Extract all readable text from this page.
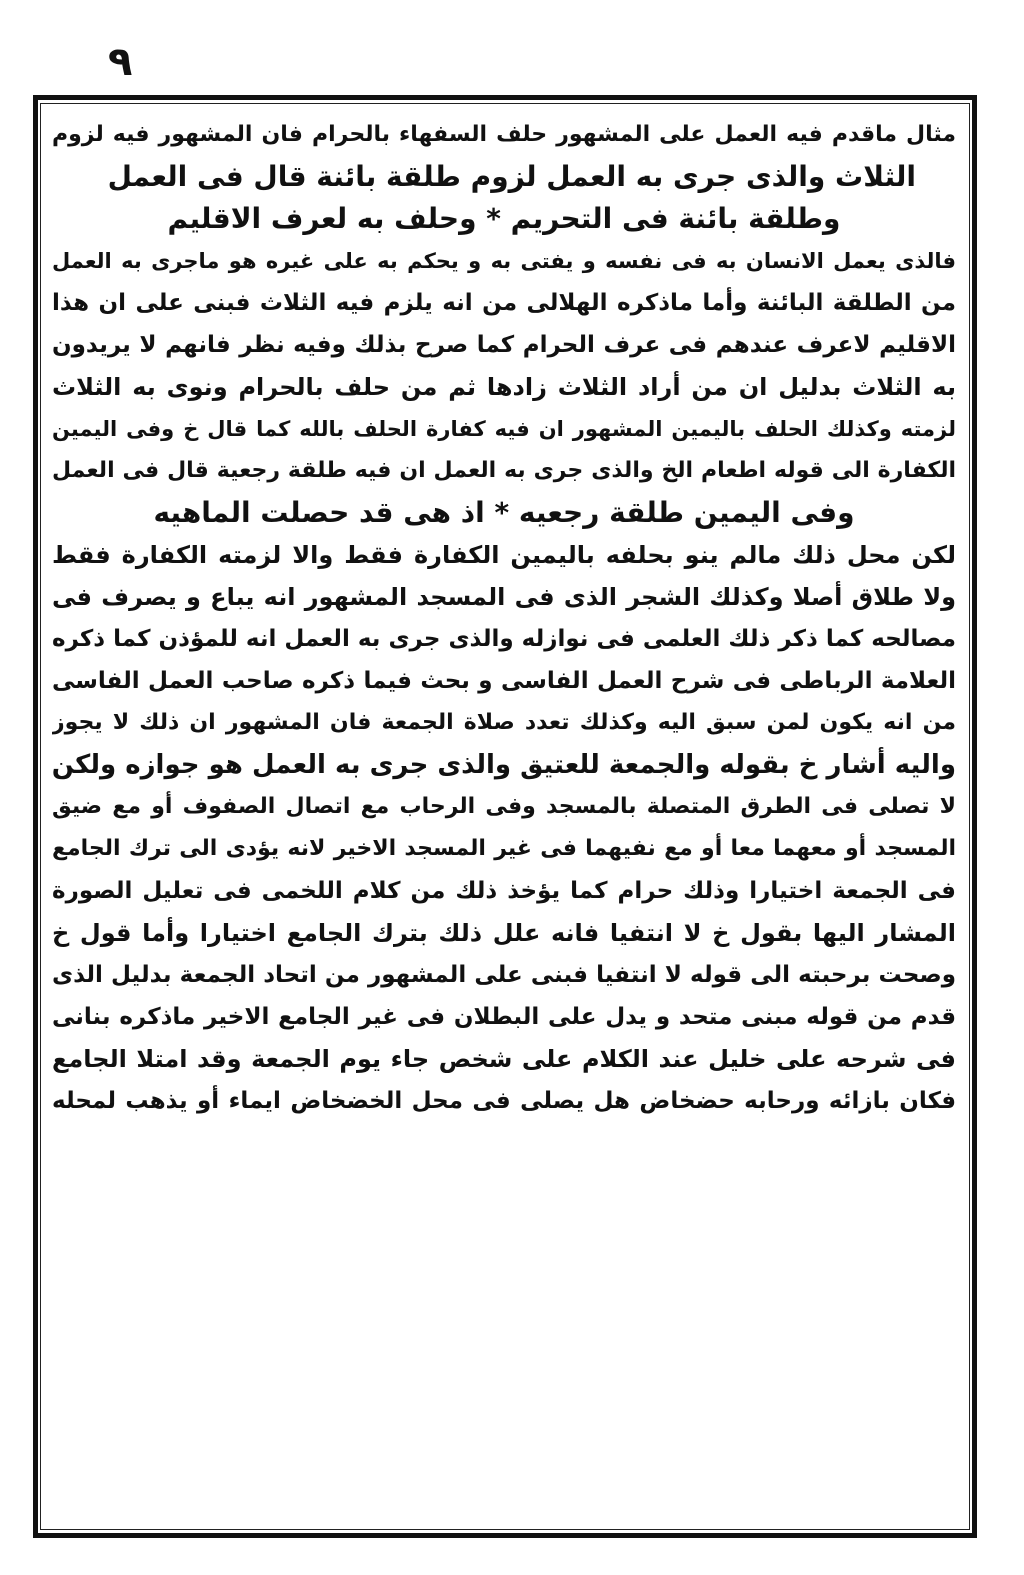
٩
مثال ماقدم فيه العمل على المشهور حلف السفهاء بالحرام فان المشهور فيه لزوم
الثلاث والذى جرى به العمل لزوم طلقة بائنة قال فى العمل
وطلقة بائنة فى التحريم * وحلف به لعرف الاقليم
فالذى يعمل الانسان به فى نفسه و يفتى به و يحكم به على غيره هو ماجرى به العمل
من الطلقة البائنة وأما ماذكره الهلالى من انه يلزم فيه الثلاث فبنى على ان هذا
الاقليم لاعرف عندهم فى عرف الحرام كما صرح بذلك وفيه نظر فانهم لا يريدون
به الثلاث بدليل ان من أراد الثلاث زادها ثم من حلف بالحرام ونوى به الثلاث
لزمته وكذلك الحلف باليمين المشهور ان فيه كفارة الحلف بالله كما قال خ وفى اليمين
الكفارة الى قوله اطعام الخ والذى جرى به العمل ان فيه طلقة رجعية قال فى العمل
وفى اليمين طلقة رجعيه * اذ هى قد حصلت الماهيه
لكن محل ذلك مالم ينو بحلفه باليمين الكفارة فقط والا لزمته الكفارة فقط
ولا طلاق أصلا وكذلك الشجر الذى فى المسجد المشهور انه يباع و يصرف فى
مصالحه كما ذكر ذلك العلمى فى نوازله والذى جرى به العمل انه للمؤذن كما ذكره
العلامة الرباطى فى شرح العمل الفاسى و بحث فيما ذكره صاحب العمل الفاسى
من انه يكون لمن سبق اليه وكذلك تعدد صلاة الجمعة فان المشهور ان ذلك لا يجوز
واليه أشار خ بقوله والجمعة للعتيق والذى جرى به العمل هو جوازه ولكن
لا تصلى فى الطرق المتصلة بالمسجد وفى الرحاب مع اتصال الصفوف أو مع ضيق
المسجد أو معهما معا أو مع نفيهما فى غير المسجد الاخير لانه يؤدى الى ترك الجامع
فى الجمعة اختيارا وذلك حرام كما يؤخذ ذلك من كلام اللخمى فى تعليل الصورة
المشار اليها بقول خ لا انتفيا فانه علل ذلك بترك الجامع اختيارا وأما قول خ
وصحت برحبته الى قوله لا انتفيا فبنى على المشهور من اتحاد الجمعة بدليل الذى
قدم من قوله مبنى متحد و يدل على البطلان فى غير الجامع الاخير ماذكره بنانى
فى شرحه على خليل عند الكلام على شخص جاء يوم الجمعة وقد امتلا الجامع
فكان بازائه ورحابه حضخاض هل يصلى فى محل الخضخاض ايماء أو يذهب لمحله
